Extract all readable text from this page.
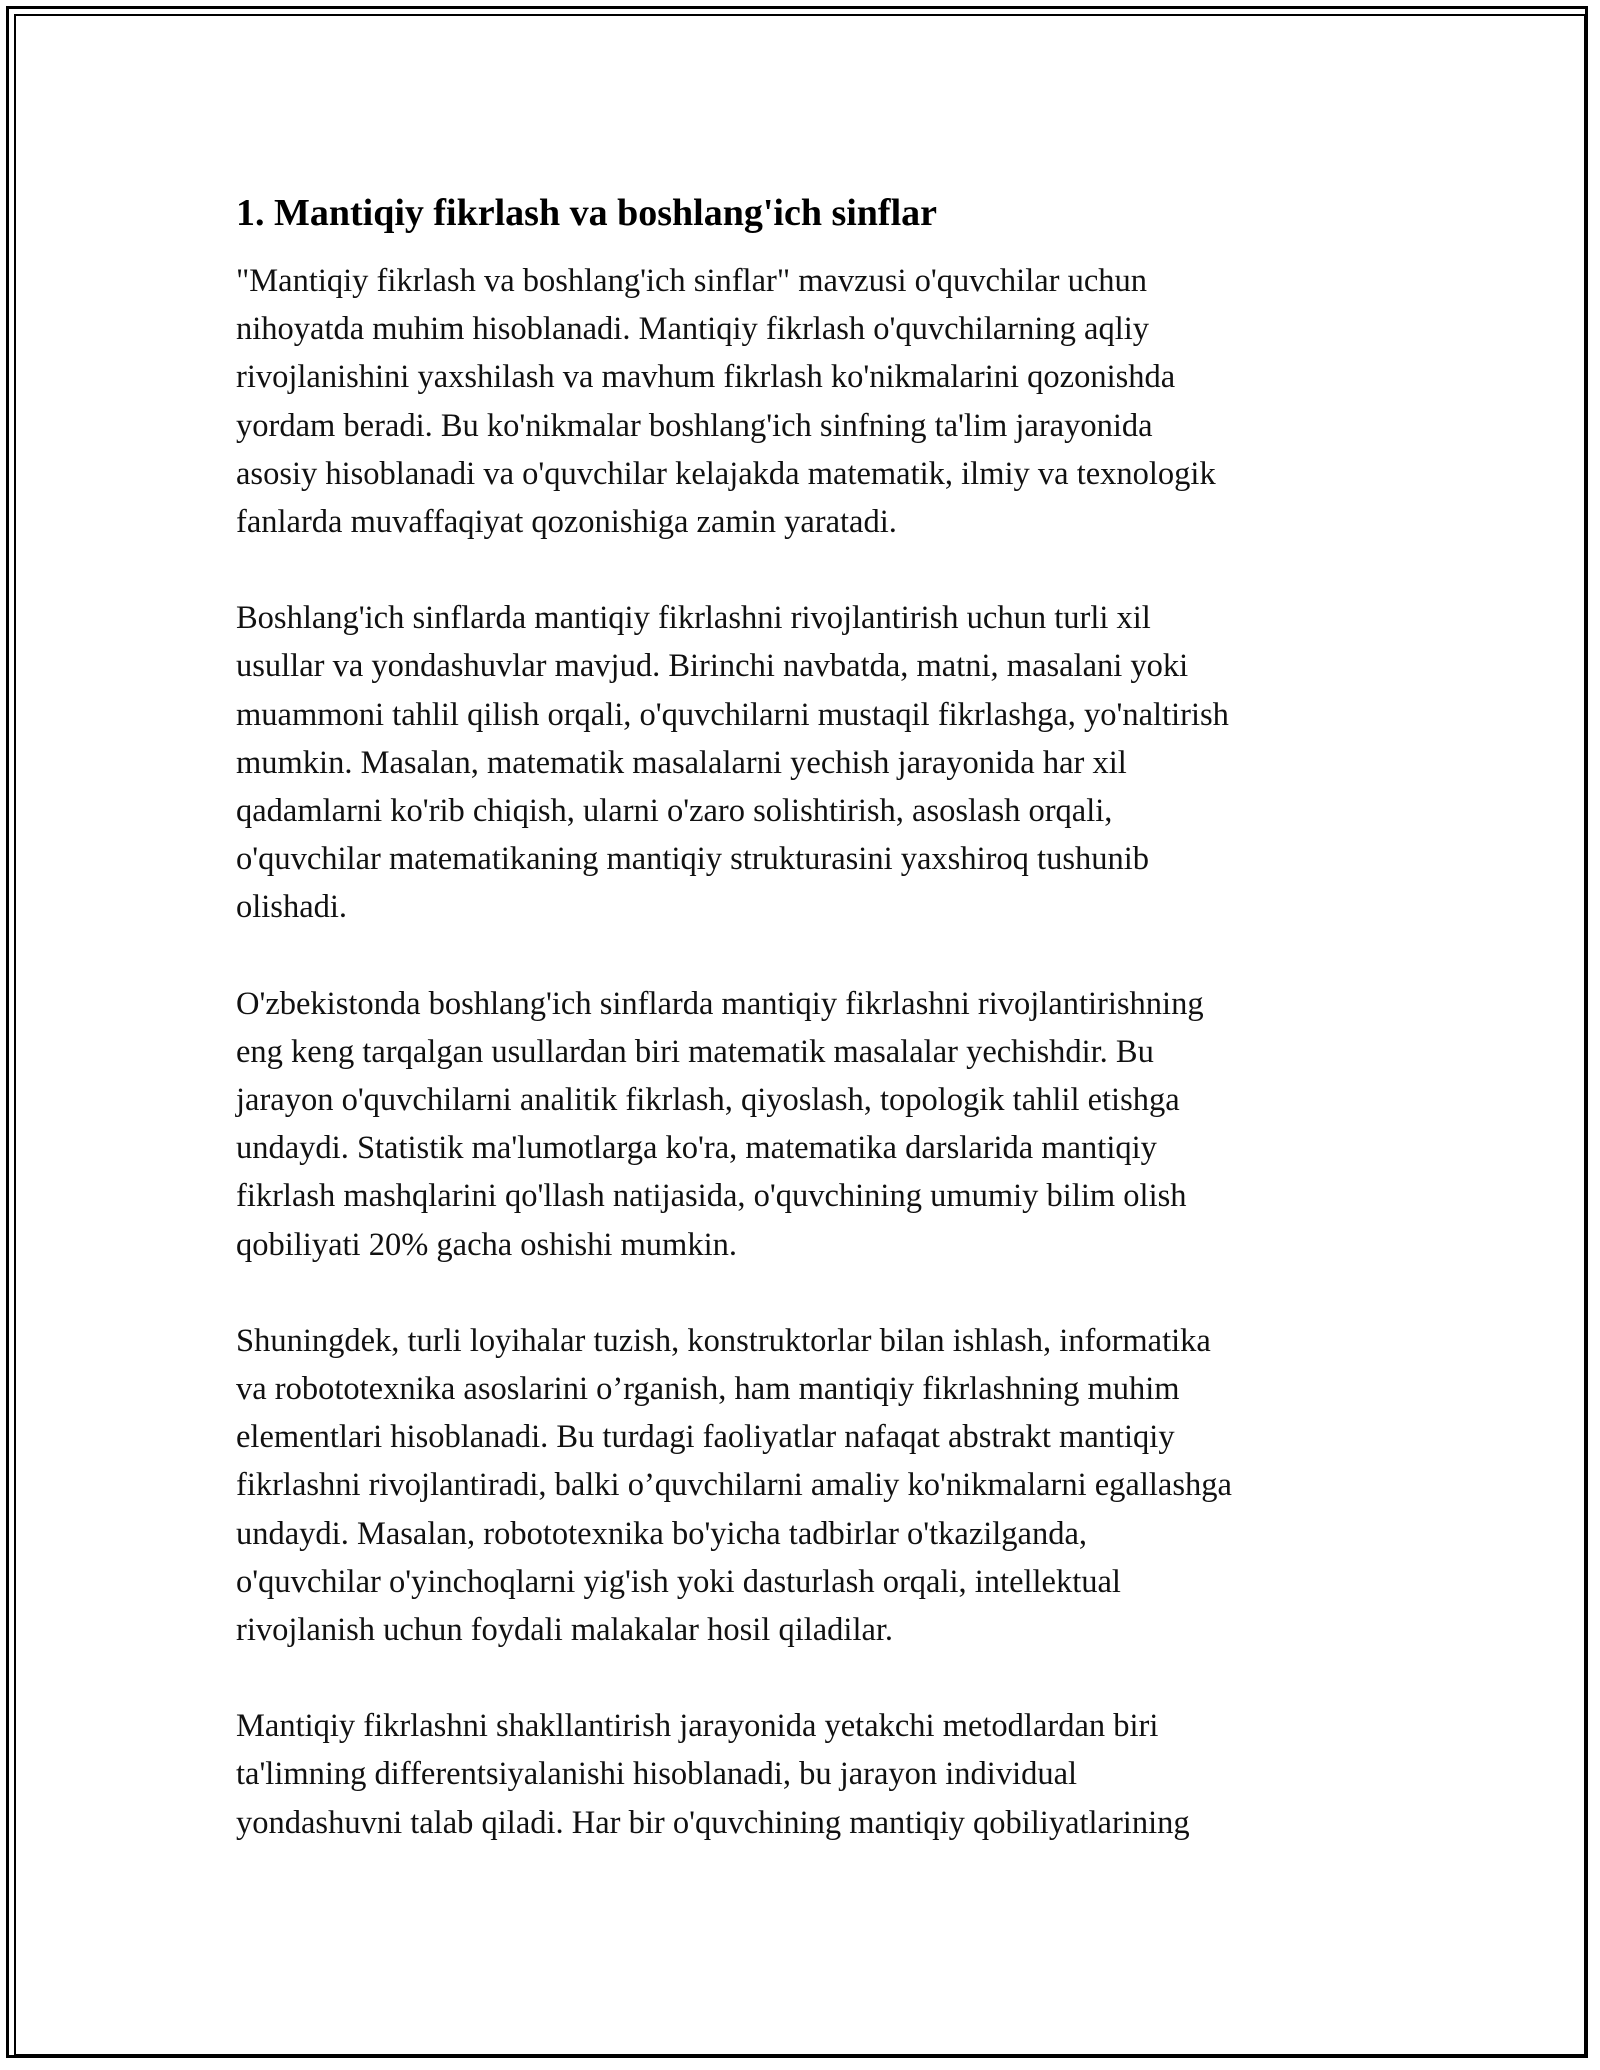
1. Mantiqiy fikrlash va boshlang'ich sinflar
"Mantiqiy fikrlash va boshlang'ich sinflar" mavzusi o'quvchilar uchun
nihoyatda muhim hisoblanadi. Mantiqiy fikrlash o'quvchilarning aqliy
rivojlanishini yaxshilash va mavhum fikrlash ko'nikmalarini qozonishda
yordam beradi. Bu ko'nikmalar boshlang'ich sinfning ta'lim jarayonida
asosiy hisoblanadi va o'quvchilar kelajakda matematik, ilmiy va texnologik
fanlarda muvaffaqiyat qozonishiga zamin yaratadi.
Boshlang'ich sinflarda mantiqiy fikrlashni rivojlantirish uchun turli xil
usullar va yondashuvlar mavjud. Birinchi navbatda, matni, masalani yoki
muammoni tahlil qilish orqali, o'quvchilarni mustaqil fikrlashga, yo'naltirish
mumkin. Masalan, matematik masalalarni yechish jarayonida har xil
qadamlarni ko'rib chiqish, ularni o'zaro solishtirish, asoslash orqali,
o'quvchilar matematikaning mantiqiy strukturasini yaxshiroq tushunib
olishadi.
O'zbekistonda boshlang'ich sinflarda mantiqiy fikrlashni rivojlantirishning
eng keng tarqalgan usullardan biri matematik masalalar yechishdir. Bu
jarayon o'quvchilarni analitik fikrlash, qiyoslash, topologik tahlil etishga
undaydi. Statistik ma'lumotlarga ko'ra, matematika darslarida mantiqiy
fikrlash mashqlarini qo'llash natijasida, o'quvchining umumiy bilim olish
qobiliyati 20% gacha oshishi mumkin.
Shuningdek, turli loyihalar tuzish, konstruktorlar bilan ishlash, informatika
va robototexnika asoslarini o’rganish, ham mantiqiy fikrlashning muhim
elementlari hisoblanadi. Bu turdagi faoliyatlar nafaqat abstrakt mantiqiy
fikrlashni rivojlantiradi, balki o’quvchilarni amaliy ko'nikmalarni egallashga
undaydi. Masalan, robototexnika bo'yicha tadbirlar o'tkazilganda,
o'quvchilar o'yinchoqlarni yig'ish yoki dasturlash orqali, intellektual
rivojlanish uchun foydali malakalar hosil qiladilar.
Mantiqiy fikrlashni shakllantirish jarayonida yetakchi metodlardan biri
ta'limning differentsiyalanishi hisoblanadi, bu jarayon individual
yondashuvni talab qiladi. Har bir o'quvchining mantiqiy qobiliyatlarining
